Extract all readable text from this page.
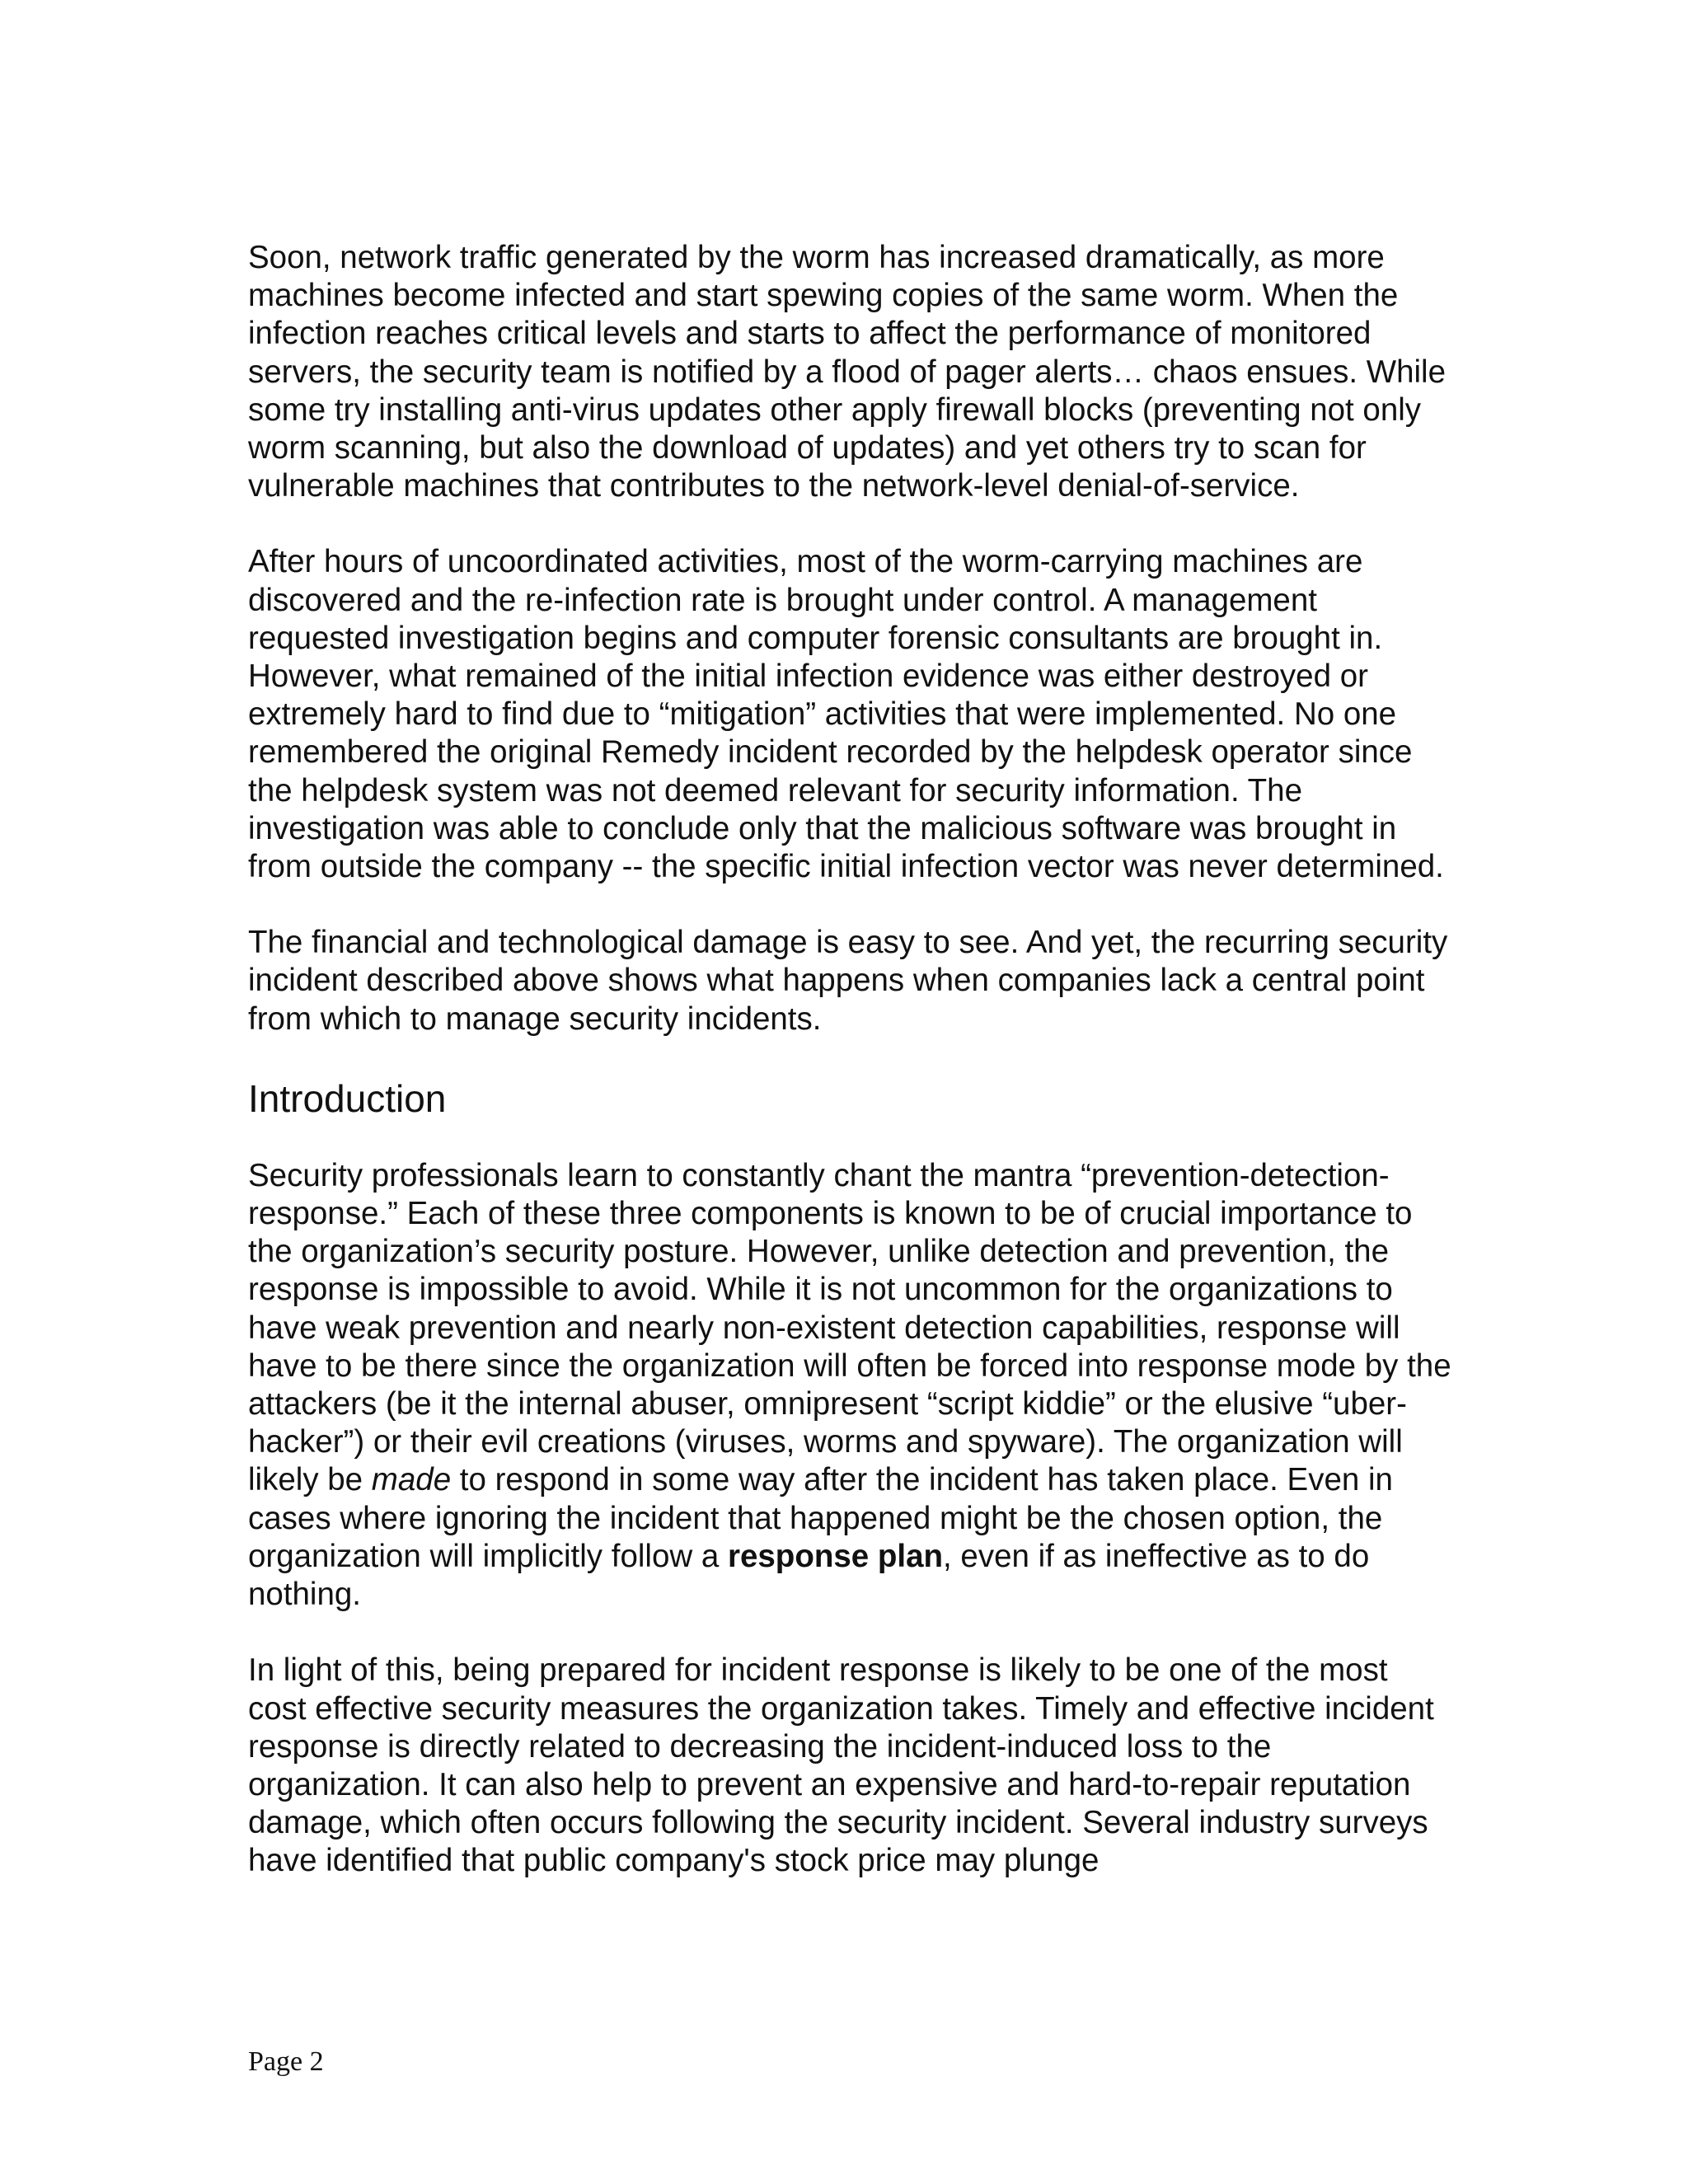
Soon, network traffic generated by the worm has increased dramatically, as more machines become infected and start spewing copies of the same worm. When the infection reaches critical levels and starts to affect the performance of monitored servers, the security team is notified by a flood of pager alerts… chaos ensues. While some try installing anti-virus updates other apply firewall blocks (preventing not only worm scanning, but also the download of updates) and yet others try to scan for vulnerable machines that contributes to the network-level denial-of-service.

After hours of uncoordinated activities, most of the worm-carrying machines are discovered and the re-infection rate is brought under control. A management requested investigation begins and computer forensic consultants are brought in. However, what remained of the initial infection evidence was either destroyed or extremely hard to find due to “mitigation” activities that were implemented. No one remembered the original Remedy incident recorded by the helpdesk operator since the helpdesk system was not deemed relevant for security information. The investigation was able to conclude only that the malicious software was brought in from outside the company -- the specific initial infection vector was never determined.

The financial and technological damage is easy to see. And yet, the recurring security incident described above shows what happens when companies lack a central point from which to manage security incidents.

Introduction

Security professionals learn to constantly chant the mantra “prevention-detection-response.” Each of these three components is known to be of crucial importance to the organization’s security posture. However, unlike detection and prevention, the response is impossible to avoid. While it is not uncommon for the organizations to have weak prevention and nearly non-existent detection capabilities, response will have to be there since the organization will often be forced into response mode by the attackers (be it the internal abuser, omnipresent “script kiddie” or the elusive “uber-hacker”) or their evil creations (viruses, worms and spyware). The organization will likely be made to respond in some way after the incident has taken place. Even in cases where ignoring the incident that happened might be the chosen option, the organization will implicitly follow a response plan, even if as ineffective as to do nothing.

In light of this, being prepared for incident response is likely to be one of the most cost effective security measures the organization takes. Timely and effective incident response is directly related to decreasing the incident-induced loss to the organization. It can also help to prevent an expensive and hard-to-repair reputation damage, which often occurs following the security incident. Several industry surveys have identified that public company's stock price may plunge

Page 2
